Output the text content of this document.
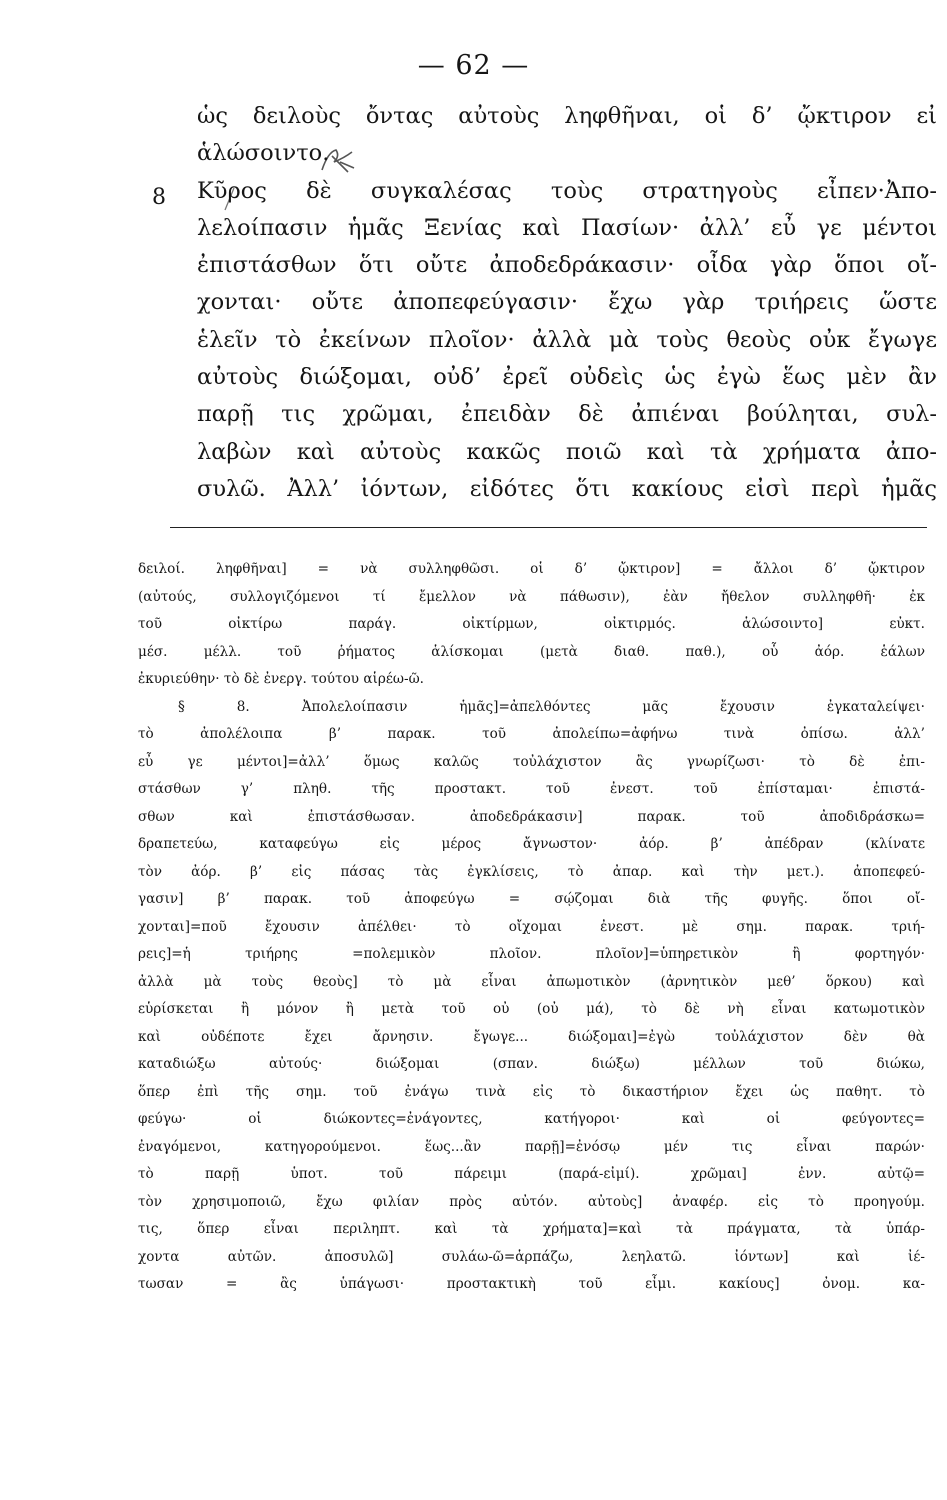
— 62 —
8
ὡς δειλοὺς ὄντας αὐτοὺς ληφθῆναι, οἱ δ’ ᾤκτιρον εἰ
ἁλώσοιντο.
Κῦρος δὲ συγκαλέσας τοὺς στρατηγοὺς εἶπεν·Ἀπο-
λελοίπασιν ἡμᾶς Ξενίας καὶ Πασίων· ἀλλ’ εὖ γε μέντοι
ἐπιστάσθων ὅτι οὔτε ἀποδεδράκασιν· οἶδα γὰρ ὅποι οἴ-
χονται· οὔτε ἀποπεφεύγασιν· ἔχω γὰρ τριήρεις ὥστε
ἑλεῖν τὸ ἐκείνων πλοῖον· ἀλλὰ μὰ τοὺς θεοὺς οὐκ ἔγωγε
αὐτοὺς διώξομαι, οὐδ’ ἐρεῖ οὐδεὶς ὡς ἐγὼ ἕως μὲν ἂν
παρῇ τις χρῶμαι, ἐπειδὰν δὲ ἀπιέναι βούληται, συλ-
λαβὼν καὶ αὐτοὺς κακῶς ποιῶ καὶ τὰ χρήματα ἀπο-
συλῶ. Ἀλλ’ ἰόντων, εἰδότες ὅτι κακίους εἰσὶ περὶ ἡμᾶς
δειλοί. ληφθῆναι] = νὰ συλληφθῶσι. οἱ δ’ ᾤκτιρον] = ἄλλοι δ’ ᾤκτιρον
(αὐτούς, συλλογιζόμενοι τί ἔμελλον νὰ πάθωσιν), ἐὰν ἤθελον συλληφθῆ· ἐκ
τοῦ οἰκτίρω παράγ. οἰκτίρμων, οἰκτιρμός. ἁλώσοιντο] εὐκτ.
μέσ. μέλλ. τοῦ ῥήματος ἁλίσκομαι (μετὰ διαθ. παθ.), οὗ ἀόρ. ἑάλων
ἐκυριεύθην· τὸ δὲ ἐνεργ. τούτου αἱρέω-ῶ.
§ 8. Ἀπολελοίπασιν ἡμᾶς]=ἀπελθόντες μᾶς ἔχουσιν ἐγκαταλείψει·
τὸ ἀπολέλοιπα β’ παρακ. τοῦ ἀπολείπω=ἀφήνω τινὰ ὀπίσω. ἀλλ’
εὖ γε μέντοι]=ἀλλ’ ὅμως καλῶς τοὐλάχιστον ἂς γνωρίζωσι· τὸ δὲ ἐπι-
στάσθων γ’ πληθ. τῆς προστακτ. τοῦ ἐνεστ. τοῦ ἐπίσταμαι· ἐπιστά-
σθων καὶ ἐπιστάσθωσαν. ἀποδεδράκασιν] παρακ. τοῦ ἀποδιδράσκω=
δραπετεύω, καταφεύγω εἰς μέρος ἄγνωστον· ἀόρ. β’ ἀπέδραν (κλίνατε
τὸν ἀόρ. β’ εἰς πάσας τὰς ἐγκλίσεις, τὸ ἀπαρ. καὶ τὴν μετ.). ἀποπεφεύ-
γασιν] β’ παρακ. τοῦ ἀποφεύγω = σῴζομαι διὰ τῆς φυγῆς. ὅποι οἴ-
χονται]=ποῦ ἔχουσιν ἀπέλθει· τὸ οἴχομαι ἐνεστ. μὲ σημ. παρακ. τριή-
ρεις]=ἡ τριήρης =πολεμικὸν πλοῖον. πλοῖον]=ὑπηρετικὸν ἢ φορτηγόν·
ἀλλὰ μὰ τοὺς θεοὺς] τὸ μὰ εἶναι ἀπωμοτικὸν (ἀρνητικὸν μεθ’ ὅρκου) καὶ
εὑρίσκεται ἢ μόνον ἢ μετὰ τοῦ οὐ (οὐ μά), τὸ δὲ νὴ εἶναι κατωμοτικὸν
καὶ οὐδέποτε ἔχει ἄρνησιν. ἔγωγε... διώξομαι]=ἐγὼ τοὐλάχιστον δὲν θὰ
καταδιώξω αὐτούς· διώξομαι (σπαν. διώξω) μέλλων τοῦ διώκω,
ὅπερ ἐπὶ τῆς σημ. τοῦ ἐνάγω τινὰ εἰς τὸ δικαστήριον ἔχει ὡς παθητ. τὸ
φεύγω· οἱ διώκοντες=ἐνάγοντες, κατήγοροι· καὶ οἱ φεύγοντες=
ἐναγόμενοι, κατηγορούμενοι. ἕως...ἂν παρῇ]=ἐνόσῳ μέν τις εἶναι παρών·
τὸ παρῇ ὑποτ. τοῦ πάρειμι (παρά-εἰμί). χρῶμαι] ἐνν. αὐτῷ=
τὸν χρησιμοποιῶ, ἔχω φιλίαν πρὸς αὐτόν. αὐτοὺς] ἀναφέρ. εἰς τὸ προηγούμ.
τις, ὅπερ εἶναι περιληπτ. καὶ τὰ χρήματα]=καὶ τὰ πράγματα, τὰ ὑπάρ-
χοντα αὐτῶν. ἀποσυλῶ] συλάω-ῶ=ἁρπάζω, λεηλατῶ. ἰόντων] καὶ ἰέ-
τωσαν = ἂς ὑπάγωσι· προστακτικὴ τοῦ εἶμι. κακίους] ὀνομ. κα-
